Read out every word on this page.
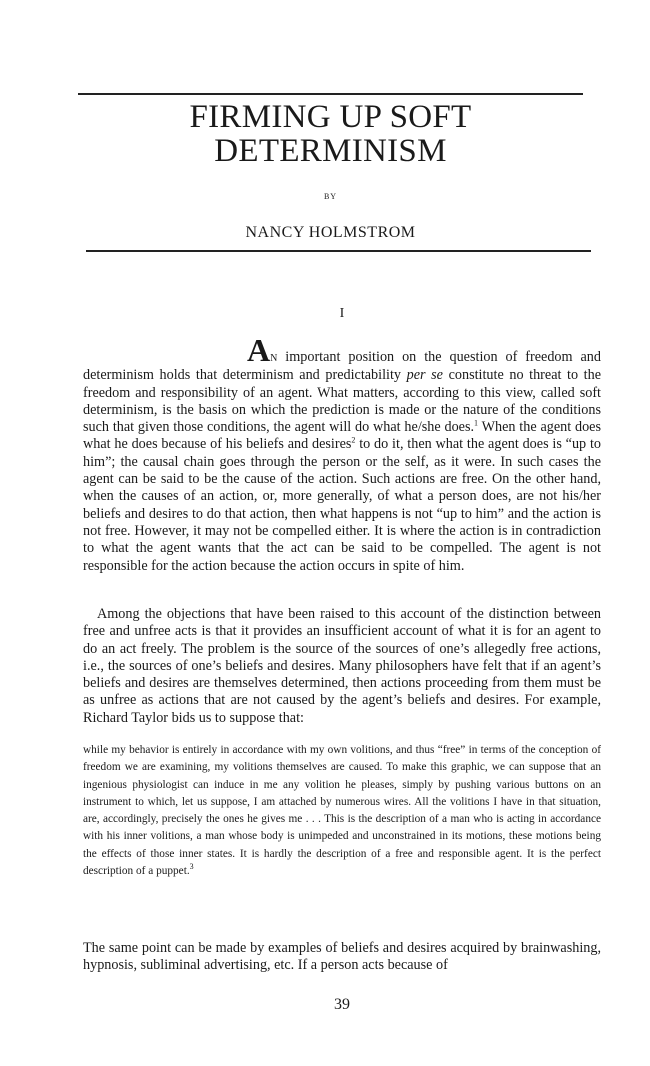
FIRMING UP SOFT DETERMINISM
BY
NANCY HOLMSTROM
I
AN important position on the question of freedom and determinism holds that determinism and predictability per se constitute no threat to the freedom and responsibility of an agent. What matters, according to this view, called soft determinism, is the basis on which the prediction is made or the nature of the conditions such that given those conditions, the agent will do what he/she does.$^1$ When the agent does what he does because of his beliefs and desires$^2$ to do it, then what the agent does is “up to him”; the causal chain goes through the person or the self, as it were. In such cases the agent can be said to be the cause of the action. Such actions are free. On the other hand, when the causes of an action, or, more generally, of what a person does, are not his/her beliefs and desires to do that action, then what happens is not “up to him” and the action is not free. However, it may not be compelled either. It is where the action is in contradiction to what the agent wants that the act can be said to be compelled. The agent is not responsible for the action because the action occurs in spite of him.
Among the objections that have been raised to this account of the distinction between free and unfree acts is that it provides an insufficient account of what it is for an agent to do an act freely. The problem is the source of the sources of one’s allegedly free actions, i.e., the sources of one’s beliefs and desires. Many philosophers have felt that if an agent’s beliefs and desires are themselves determined, then actions proceeding from them must be as unfree as actions that are not caused by the agent’s beliefs and desires. For example, Richard Taylor bids us to suppose that:
while my behavior is entirely in accordance with my own volitions, and thus “free” in terms of the conception of freedom we are examining, my volitions themselves are caused. To make this graphic, we can suppose that an ingenious physiologist can induce in me any volition he pleases, simply by pushing various buttons on an instrument to which, let us suppose, I am attached by numerous wires. All the volitions I have in that situation, are, accordingly, precisely the ones he gives me . . . This is the description of a man who is acting in accordance with his inner volitions, a man whose body is unimpeded and unconstrained in its motions, these motions being the effects of those inner states. It is hardly the description of a free and responsible agent. It is the perfect description of a puppet.$^3$
The same point can be made by examples of beliefs and desires acquired by brainwashing, hypnosis, subliminal advertising, etc. If a person acts because of
39
